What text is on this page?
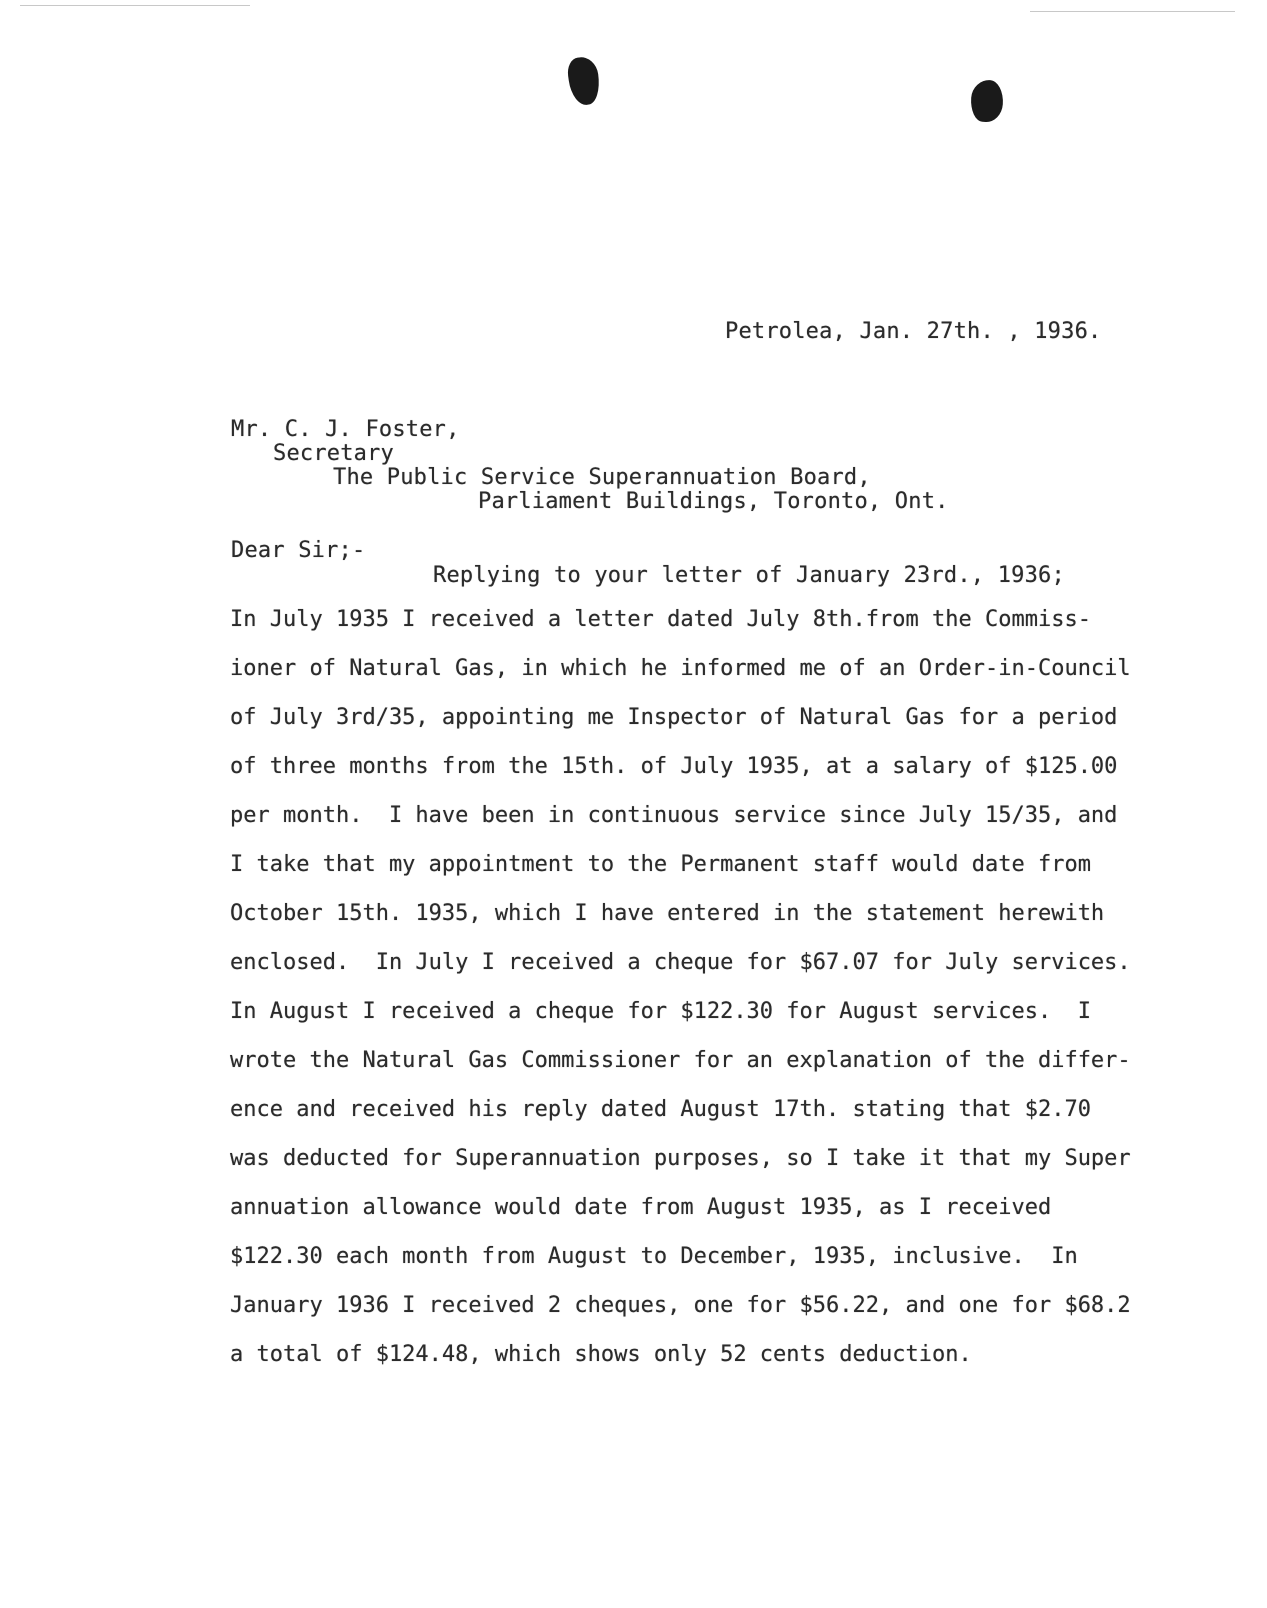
Petrolea, Jan. 27th. , 1936.
Mr. C. J. Foster,
Secretary
The Public Service Superannuation Board,
Parliament Buildings, Toronto, Ont.
Dear Sir;-
Replying to your letter of January 23rd., 1936;
In July 1935 I received a letter dated July 8th.from the Commiss-
ioner of Natural Gas, in which he informed me of an Order-in-Council
of July 3rd/35, appointing me Inspector of Natural Gas for a period
of three months from the 15th. of July 1935, at a salary of $125.00
per month.  I have been in continuous service since July 15/35, and
I take that my appointment to the Permanent staff would date from
October 15th. 1935, which I have entered in the statement herewith
enclosed.  In July I received a cheque for $67.07 for July services.
In August I received a cheque for $122.30 for August services.  I
wrote the Natural Gas Commissioner for an explanation of the differ-
ence and received his reply dated August 17th. stating that $2.70
was deducted for Superannuation purposes, so I take it that my Super
annuation allowance would date from August 1935, as I received
$122.30 each month from August to December, 1935, inclusive.  In
January 1936 I received 2 cheques, one for $56.22, and one for $68.2
a total of $124.48, which shows only 52 cents deduction.
